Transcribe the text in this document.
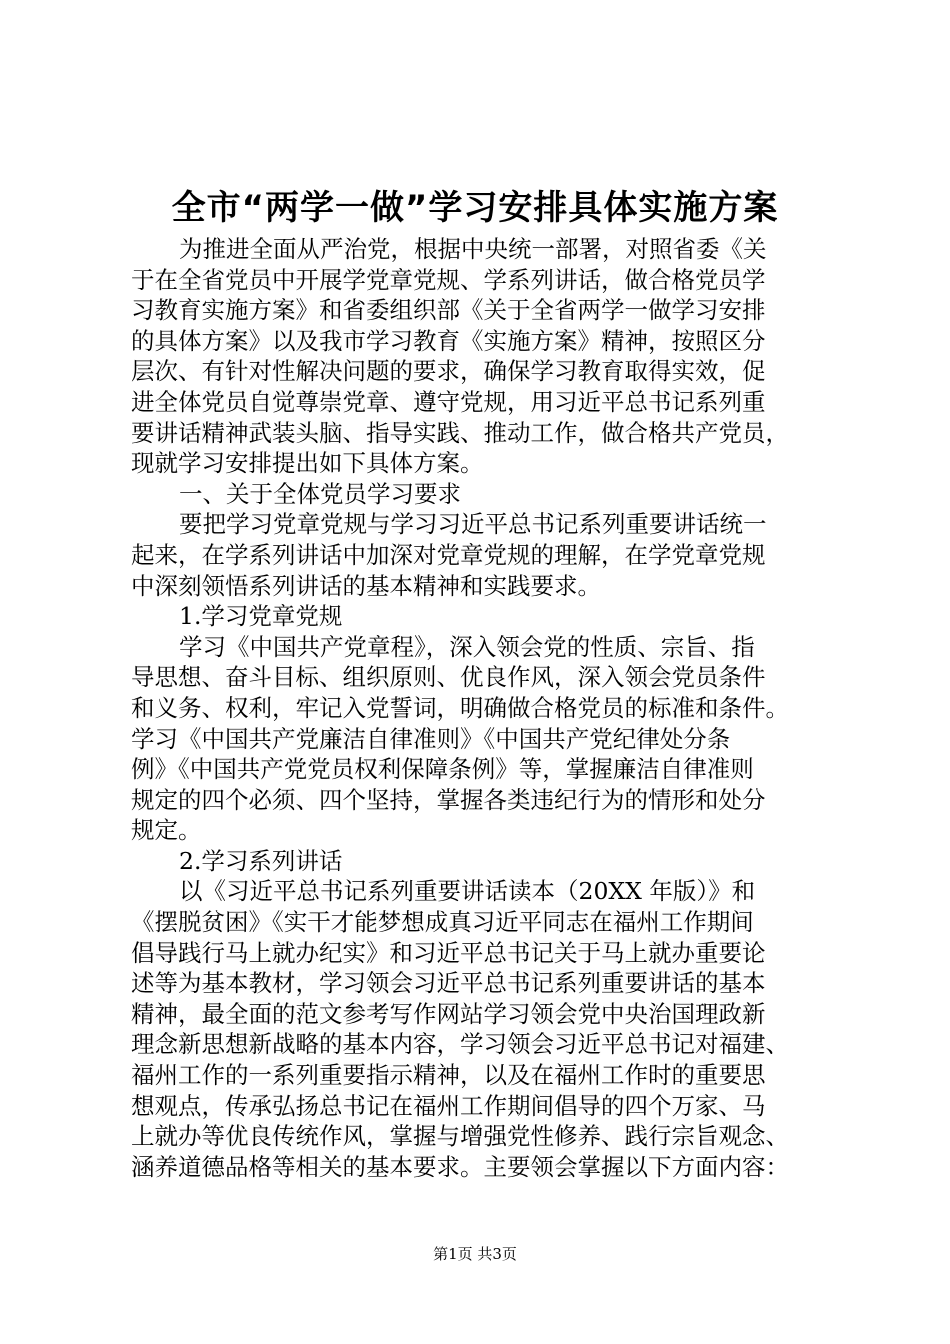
全市“两学一做”学习安排具体实施方案
为推进全面从严治党，根据中央统一部署，对照省委《关
于在全省党员中开展学党章党规、学系列讲话，做合格党员学
习教育实施方案》和省委组织部《关于全省两学一做学习安排
的具体方案》以及我市学习教育《实施方案》精神，按照区分
层次、有针对性解决问题的要求，确保学习教育取得实效，促
进全体党员自觉尊崇党章、遵守党规，用习近平总书记系列重
要讲话精神武装头脑、指导实践、推动工作，做合格共产党员，
现就学习安排提出如下具体方案。
一、关于全体党员学习要求
要把学习党章党规与学习习近平总书记系列重要讲话统一
起来，在学系列讲话中加深对党章党规的理解，在学党章党规
中深刻领悟系列讲话的基本精神和实践要求。
1.学习党章党规
学习《中国共产党章程》，深入领会党的性质、宗旨、指
导思想、奋斗目标、组织原则、优良作风，深入领会党员条件
和义务、权利，牢记入党誓词，明确做合格党员的标准和条件。
学习《中国共产党廉洁自律准则》《中国共产党纪律处分条
例》《中国共产党党员权利保障条例》等，掌握廉洁自律准则
规定的四个必须、四个坚持，掌握各类违纪行为的情形和处分
规定。
2.学习系列讲话
以《习近平总书记系列重要讲话读本（20XX 年版）》和
《摆脱贫困》《实干才能梦想成真习近平同志在福州工作期间
倡导践行马上就办纪实》和习近平总书记关于马上就办重要论
述等为基本教材，学习领会习近平总书记系列重要讲话的基本
精神，最全面的范文参考写作网站学习领会党中央治国理政新
理念新思想新战略的基本内容，学习领会习近平总书记对福建、
福州工作的一系列重要指示精神，以及在福州工作时的重要思
想观点，传承弘扬总书记在福州工作期间倡导的四个万家、马
上就办等优良传统作风，掌握与增强党性修养、践行宗旨观念、
涵养道德品格等相关的基本要求。主要领会掌握以下方面内容：
第1页 共3页
